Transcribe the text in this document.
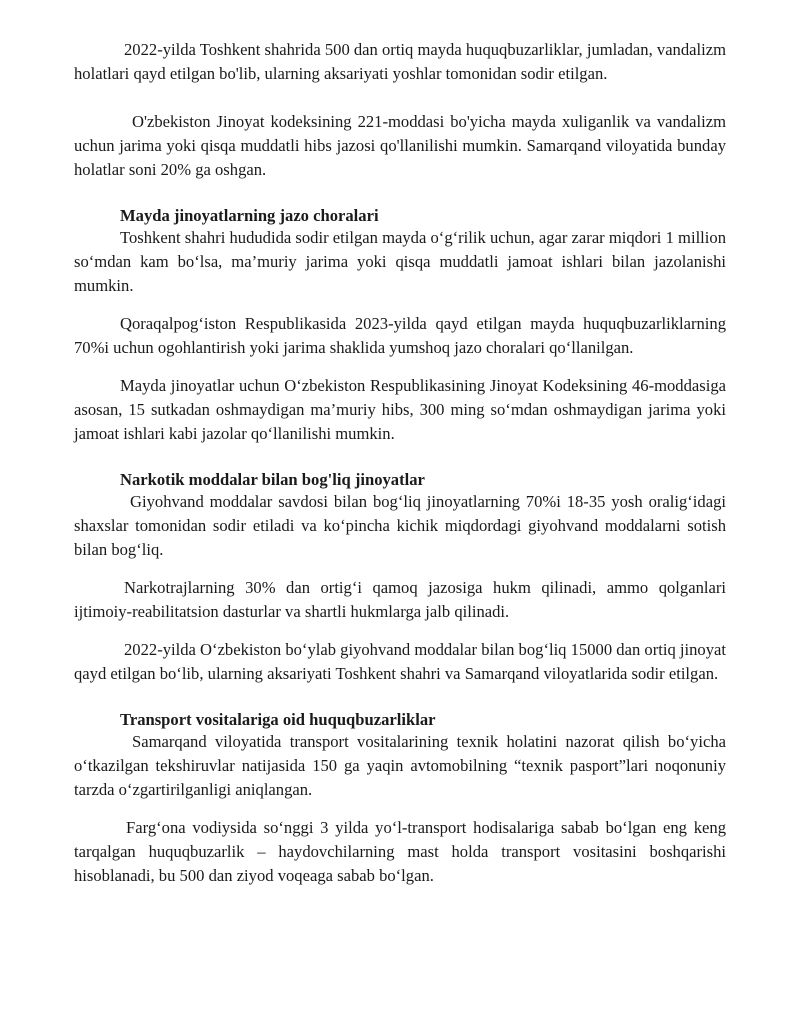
2022-yilda Toshkent shahrida 500 dan ortiq mayda huquqbuzarliklar, jumladan, vandalizm holatlari qayd etilgan bo'lib, ularning aksariyati yoshlar tomonidan sodir etilgan.

O'zbekiston Jinoyat kodeksining 221-moddasi bo'yicha mayda xuliganlik va vandalizm uchun jarima yoki qisqa muddatli hibs jazosi qo'llanilishi mumkin. Samarqand viloyatida bunday holatlar soni 20% ga oshgan.

Mayda jinoyatlarning jazo choralari

Toshkent shahri hududida sodir etilgan mayda o‘g‘rilik uchun, agar zarar miqdori 1 million so‘mdan kam bo‘lsa, ma’muriy jarima yoki qisqa muddatli jamoat ishlari bilan jazolanishi mumkin.

Qoraqalpog‘iston Respublikasida 2023-yilda qayd etilgan mayda huquqbuzarliklarning 70%i uchun ogohlantirish yoki jarima shaklida yumshoq jazo choralari qo‘llanilgan.

Mayda jinoyatlar uchun O‘zbekiston Respublikasining Jinoyat Kodeksining 46-moddasiga asosan, 15 sutkadan oshmaydigan ma’muriy hibs, 300 ming so‘mdan oshmaydigan jarima yoki jamoat ishlari kabi jazolar qo‘llanilishi mumkin.

Narkotik moddalar bilan bog'liq jinoyatlar

Giyohvand moddalar savdosi bilan bog‘liq jinoyatlarning 70%i 18-35 yosh oralig‘idagi shaxslar tomonidan sodir etiladi va ko‘pincha kichik miqdordagi giyohvand moddalarni sotish bilan bog‘liq.

Narkotrajlarning 30% dan ortig‘i qamoq jazosiga hukm qilinadi, ammo qolganlari ijtimoiy-reabilitatsion dasturlar va shartli hukmlarga jalb qilinadi.

2022-yilda O‘zbekiston bo‘ylab giyohvand moddalar bilan bog‘liq 15000 dan ortiq jinoyat qayd etilgan bo‘lib, ularning aksariyati Toshkent shahri va Samarqand viloyatlarida sodir etilgan.

Transport vositalariga oid huquqbuzarliklar

Samarqand viloyatida transport vositalarining texnik holatini nazorat qilish bo‘yicha o‘tkazilgan tekshiruvlar natijasida 150 ga yaqin avtomobilning “texnik pasport”lari noqonuniy tarzda o‘zgartirilganligi aniqlangan.

Farg‘ona vodiysida so‘nggi 3 yilda yo‘l-transport hodisalariga sabab bo‘lgan eng keng tarqalgan huquqbuzarlik – haydovchilarning mast holda transport vositasini boshqarishi hisoblanadi, bu 500 dan ziyod voqeaga sabab bo‘lgan.
